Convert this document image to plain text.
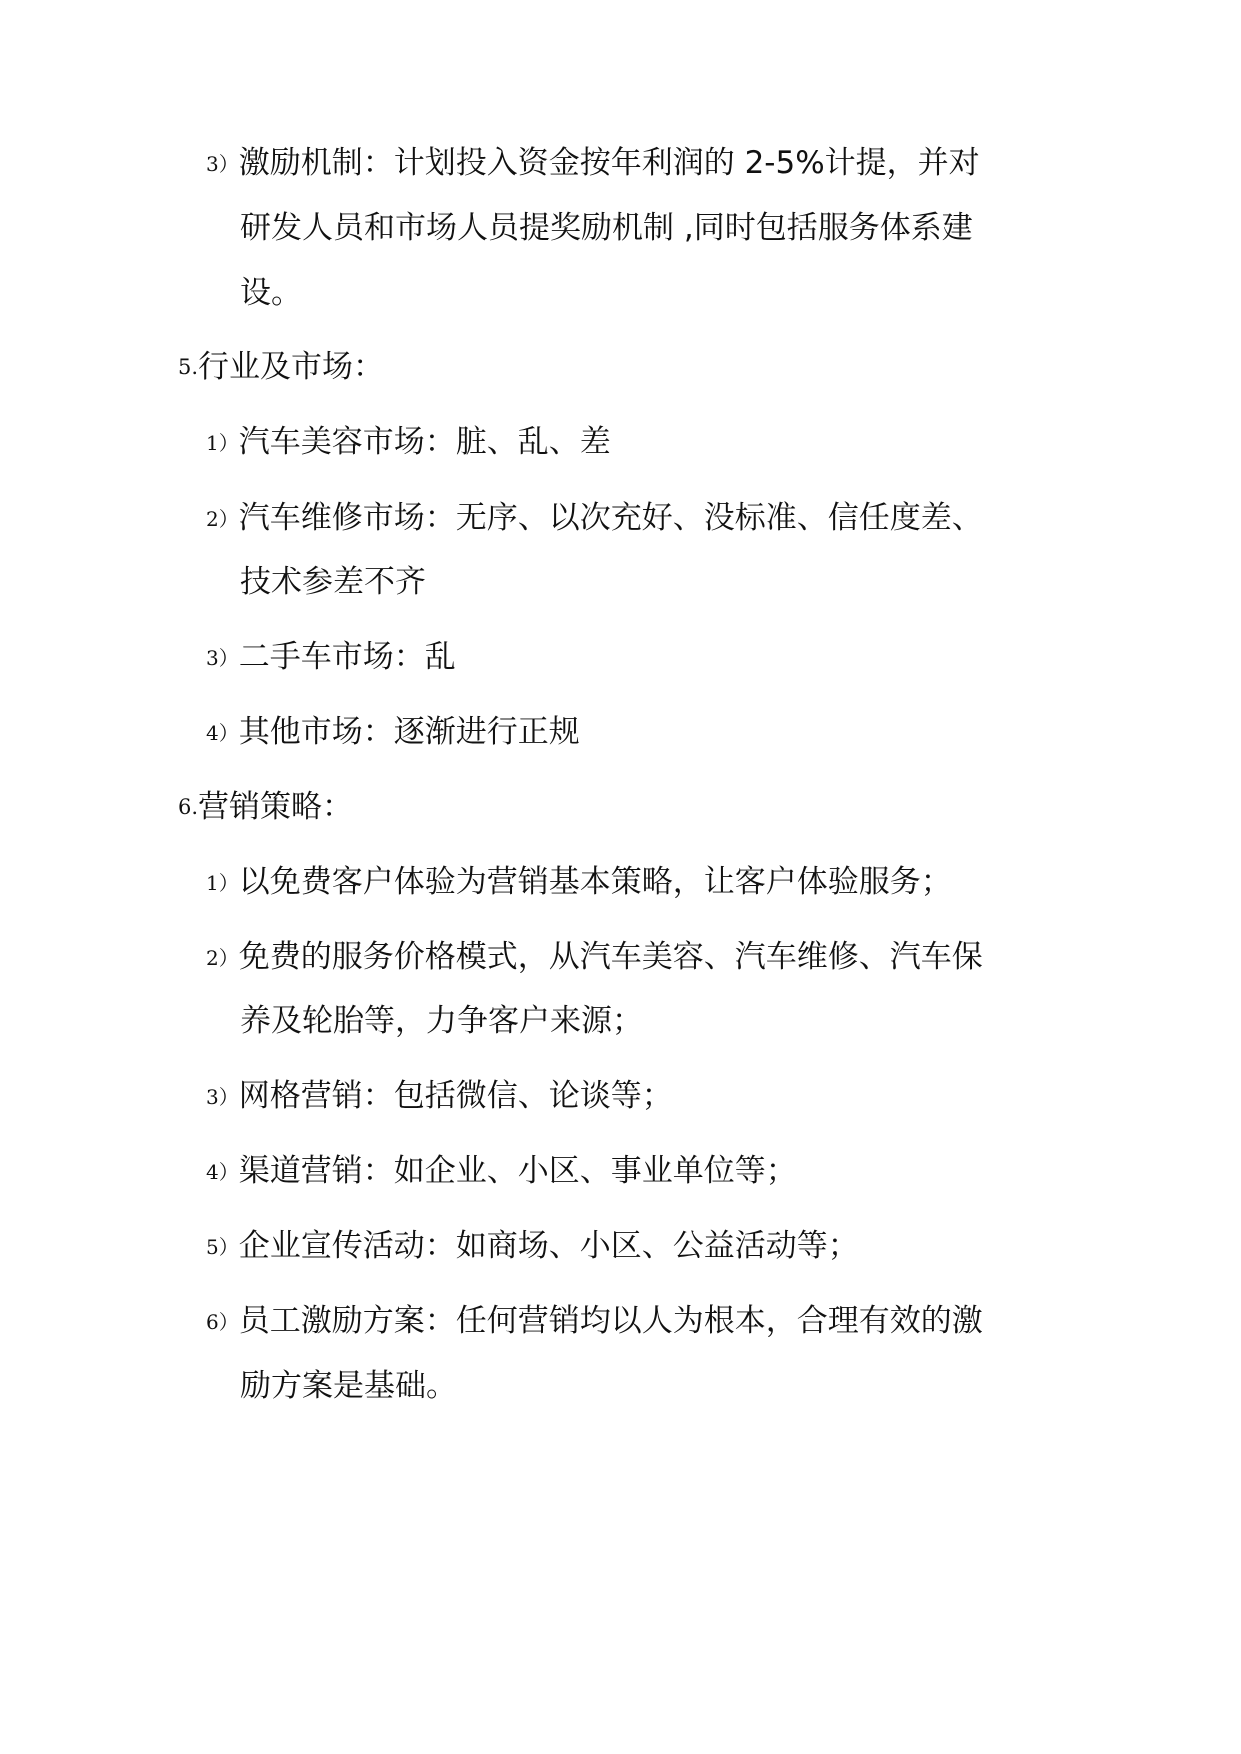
3）激励机制：计划投入资金按年利润的 2-5%计提，并对
研发人员和市场人员提奖励机制 ,同时包括服务体系建
设。
5.行业及市场：
1）汽车美容市场：脏、乱、差
2）汽车维修市场：无序、以次充好、没标准、信任度差、
技术参差不齐
3）二手车市场：乱
4）其他市场：逐渐进行正规
6.营销策略：
1）以免费客户体验为营销基本策略，让客户体验服务；
2）免费的服务价格模式，从汽车美容、汽车维修、汽车保
养及轮胎等，力争客户来源；
3）网格营销：包括微信、论谈等；
4）渠道营销：如企业、小区、事业单位等；
5）企业宣传活动：如商场、小区、公益活动等；
6）员工激励方案：任何营销均以人为根本，合理有效的激
励方案是基础。
